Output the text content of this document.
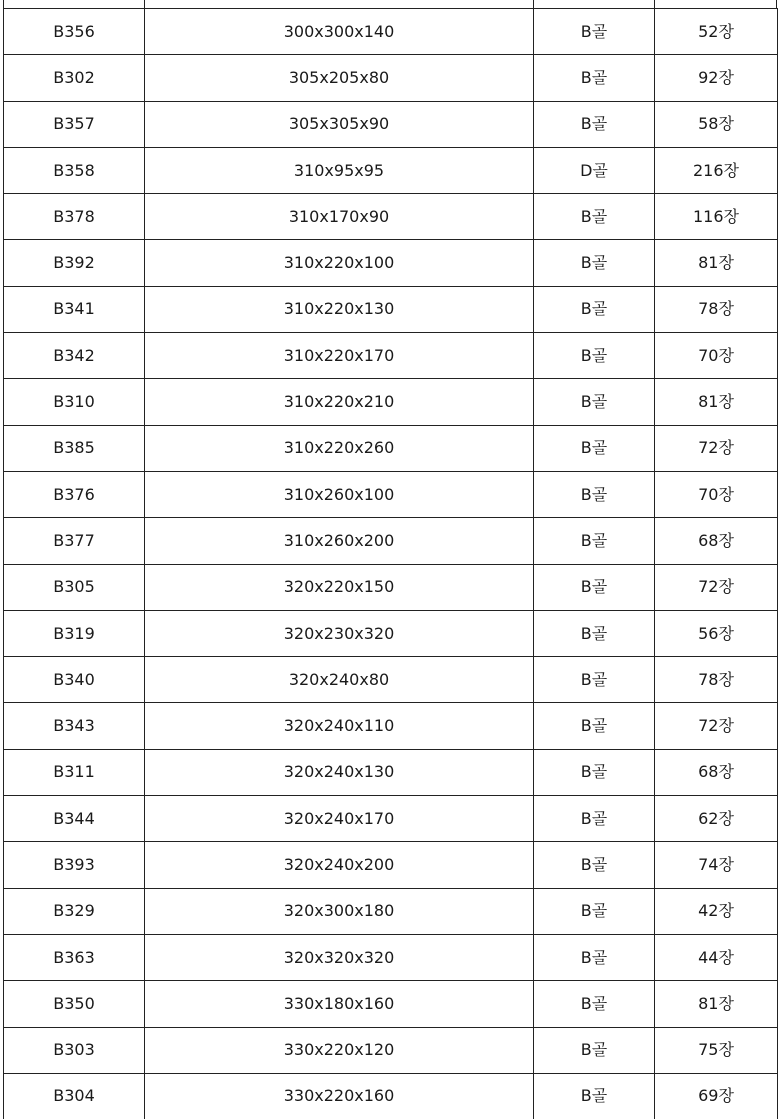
B356	300x300x140	B골	52장
B302	305x205x80	B골	92장
B357	305x305x90	B골	58장
B358	310x95x95	D골	216장
B378	310x170x90	B골	116장
B392	310x220x100	B골	81장
B341	310x220x130	B골	78장
B342	310x220x170	B골	70장
B310	310x220x210	B골	81장
B385	310x220x260	B골	72장
B376	310x260x100	B골	70장
B377	310x260x200	B골	68장
B305	320x220x150	B골	72장
B319	320x230x320	B골	56장
B340	320x240x80	B골	78장
B343	320x240x110	B골	72장
B311	320x240x130	B골	68장
B344	320x240x170	B골	62장
B393	320x240x200	B골	74장
B329	320x300x180	B골	42장
B363	320x320x320	B골	44장
B350	330x180x160	B골	81장
B303	330x220x120	B골	75장
B304	330x220x160	B골	69장
